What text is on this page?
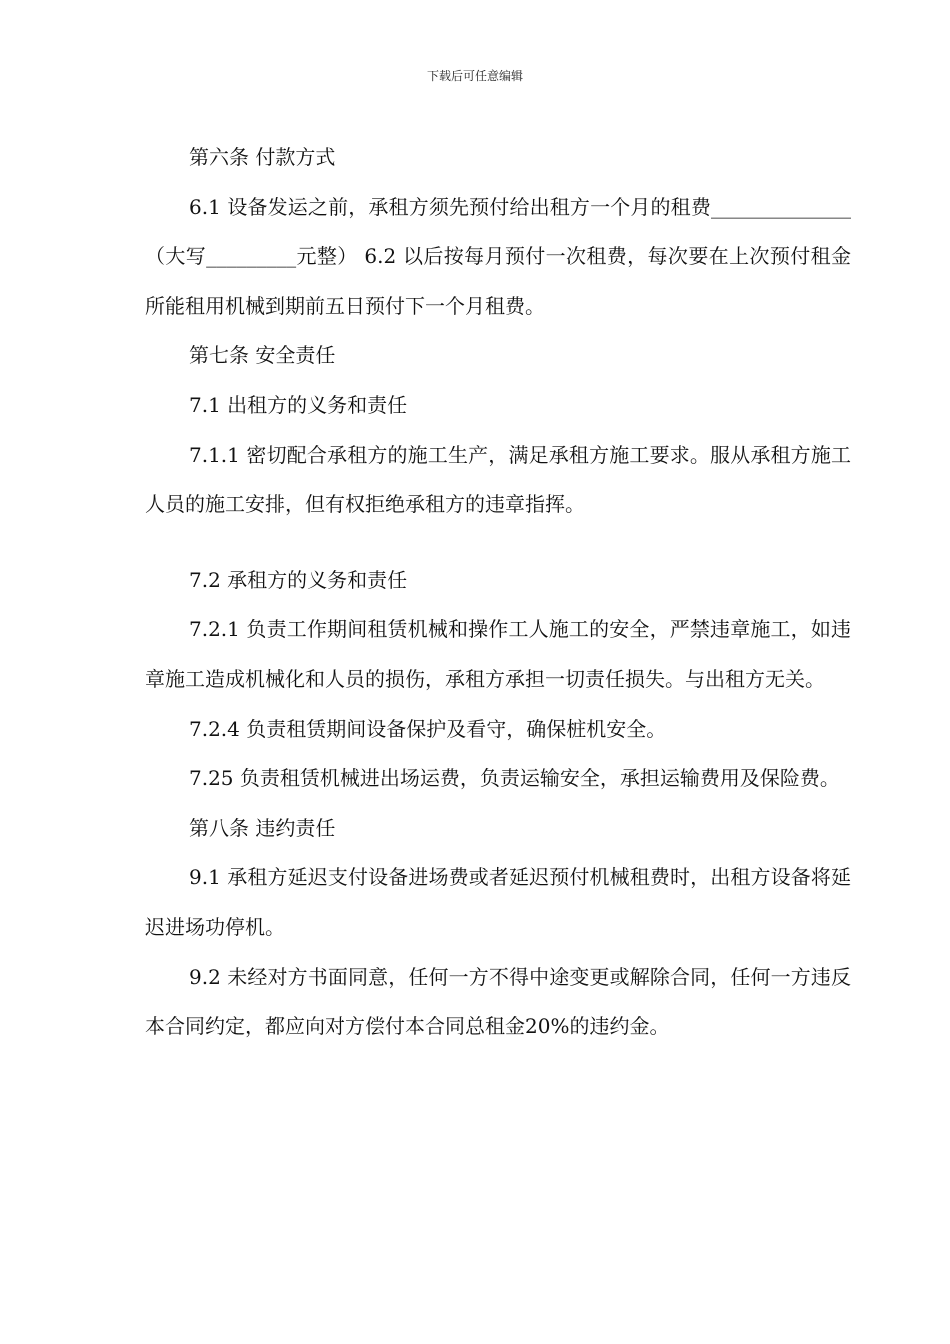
下载后可任意编辑

第六条 付款方式

6.1 设备发运之前，承租方须先预付给出租方一个月的租费______________（大写_________元整） 6.2 以后按每月预付一次租费，每次要在上次预付租金所能租用机械到期前五日预付下一个月租费。

第七条 安全责任

7.1 出租方的义务和责任

7.1.1 密切配合承租方的施工生产，满足承租方施工要求。服从承租方施工人员的施工安排，但有权拒绝承租方的违章指挥。

7.2 承租方的义务和责任

7.2.1 负责工作期间租赁机械和操作工人施工的安全，严禁违章施工，如违章施工造成机械化和人员的损伤，承租方承担一切责任损失。与出租方无关。

7.2.4 负责租赁期间设备保护及看守，确保桩机安全。

7.25 负责租赁机械进出场运费，负责运输安全，承担运输费用及保险费。

第八条 违约责任

9.1 承租方延迟支付设备进场费或者延迟预付机械租费时，出租方设备将延迟进场功停机。

9.2 未经对方书面同意，任何一方不得中途变更或解除合同，任何一方违反本合同约定，都应向对方偿付本合同总租金20%的违约金。
